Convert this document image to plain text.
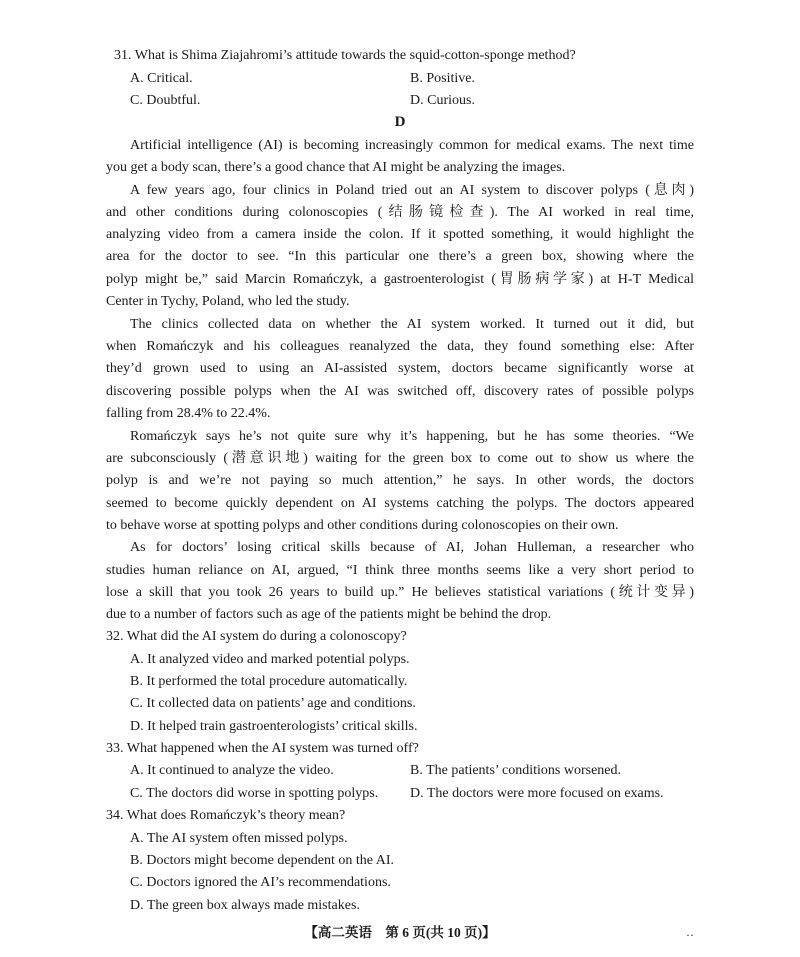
31. What is Shima Ziajahromi’s attitude towards the squid-cotton-sponge method?
A. Critical.	B. Positive.
C. Doubtful.	D. Curious.
D
Artificial intelligence (AI) is becoming increasingly common for medical exams. The next time
you get a body scan, there’s a good chance that AI might be analyzing the images.
A few years ago, four clinics in Poland tried out an AI system to discover polyps (息肉)
and other conditions during colonoscopies (结肠镜检查). The AI worked in real time,
analyzing video from a camera inside the colon. If it spotted something, it would highlight the
area for the doctor to see. “In this particular one there’s a green box, showing where the
polyp might be,” said Marcin Romańczyk, a gastroenterologist (胃肠病学家) at H-T Medical
Center in Tychy, Poland, who led the study.
The clinics collected data on whether the AI system worked. It turned out it did, but
when Romańczyk and his colleagues reanalyzed the data, they found something else: After
they’d grown used to using an AI-assisted system, doctors became significantly worse at
discovering possible polyps when the AI was switched off, discovery rates of possible polyps
falling from 28.4% to 22.4%.
Romańczyk says he’s not quite sure why it’s happening, but he has some theories. “We
are subconsciously (潜意识地) waiting for the green box to come out to show us where the
polyp is and we’re not paying so much attention,” he says. In other words, the doctors
seemed to become quickly dependent on AI systems catching the polyps. The doctors appeared
to behave worse at spotting polyps and other conditions during colonoscopies on their own.
As for doctors’ losing critical skills because of AI, Johan Hulleman, a researcher who
studies human reliance on AI, argued, “I think three months seems like a very short period to
lose a skill that you took 26 years to build up.” He believes statistical variations (统计变异)
due to a number of factors such as age of the patients might be behind the drop.
32. What did the AI system do during a colonoscopy?
A. It analyzed video and marked potential polyps.
B. It performed the total procedure automatically.
C. It collected data on patients’ age and conditions.
D. It helped train gastroenterologists’ critical skills.
33. What happened when the AI system was turned off?
A. It continued to analyze the video.	B. The patients’ conditions worsened.
C. The doctors did worse in spotting polyps. D. The doctors were more focused on exams.
34. What does Romańczyk’s theory mean?
A. The AI system often missed polyps.
B. Doctors might become dependent on the AI.
C. Doctors ignored the AI’s recommendations.
D. The green box always made mistakes.
【高二英语　第 6 页(共 10 页)】	··
